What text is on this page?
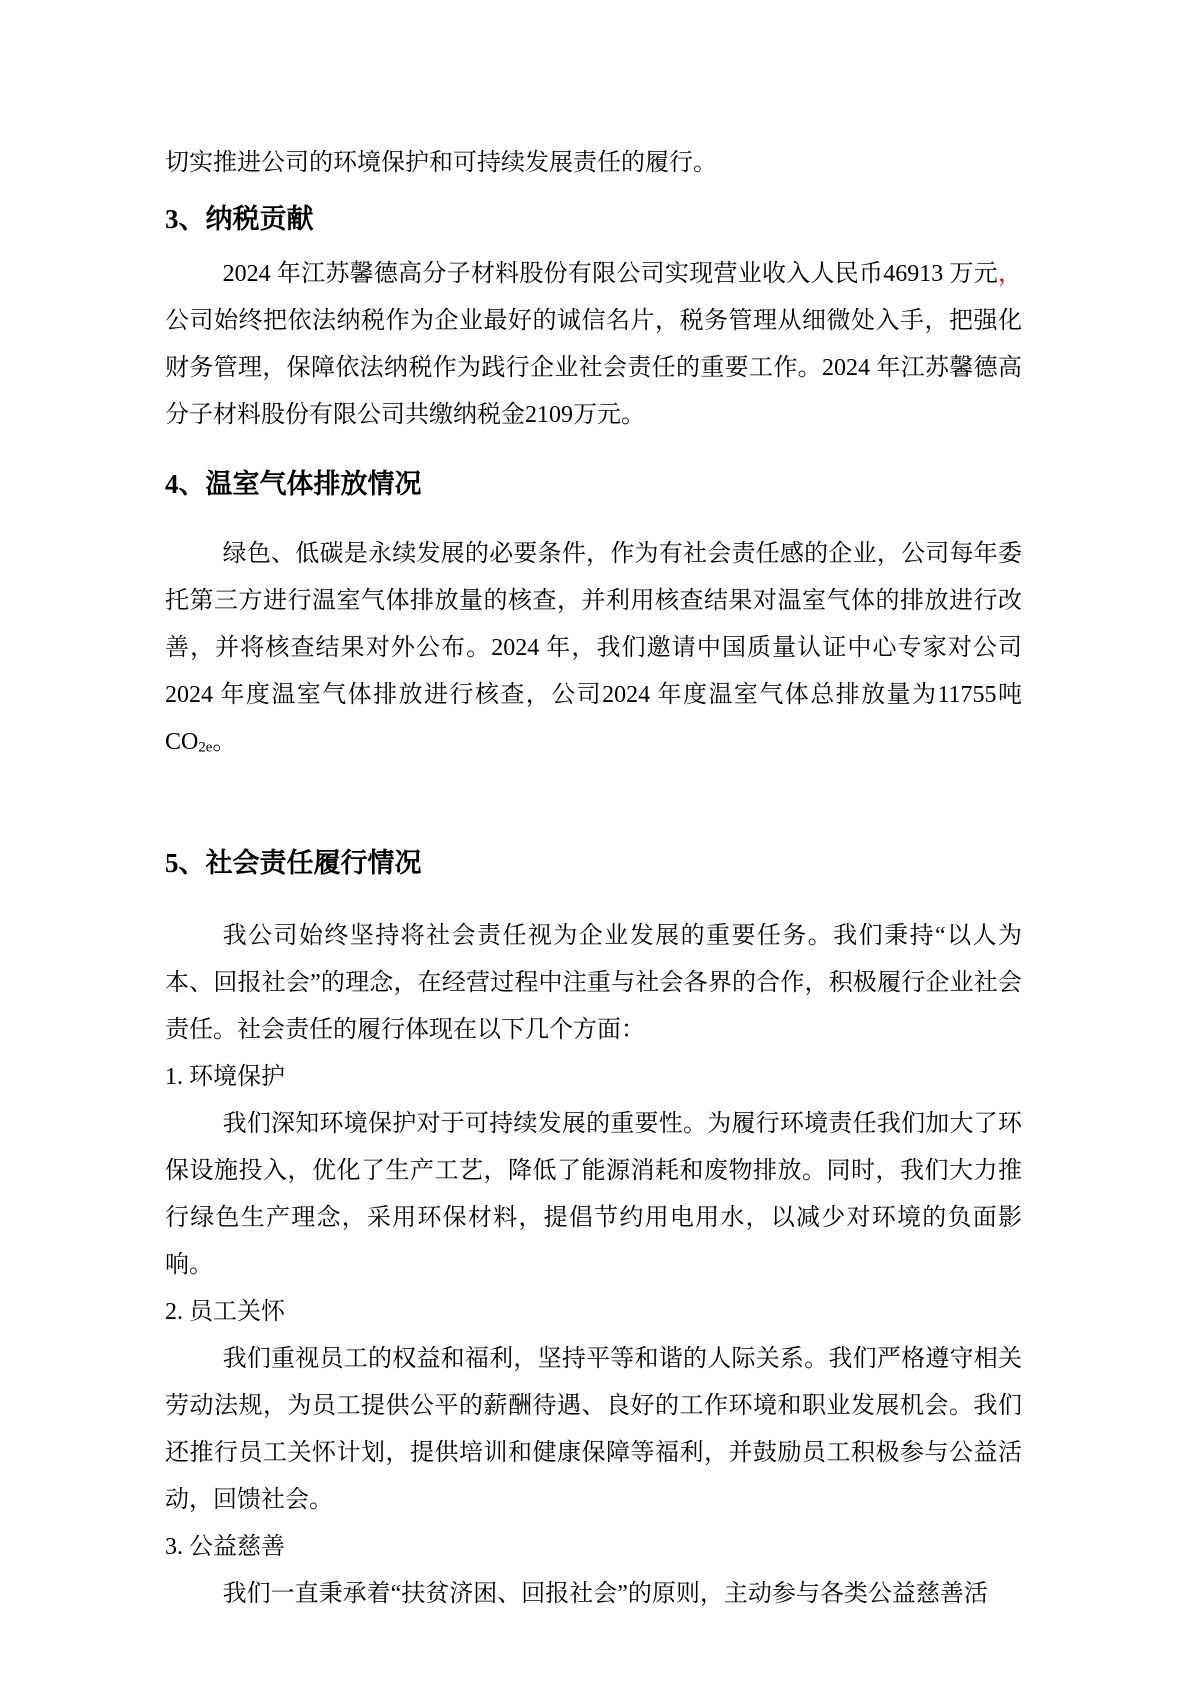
切实推进公司的环境保护和可持续发展责任的履行。

3、纳税贡献

2024 年江苏馨德高分子材料股份有限公司实现营业收入人民币46913 万元，公司始终把依法纳税作为企业最好的诚信名片，税务管理从细微处入手，把强化财务管理，保障依法纳税作为践行企业社会责任的重要工作。2024 年江苏馨德高分子材料股份有限公司共缴纳税金2109万元。

4、温室气体排放情况

绿色、低碳是永续发展的必要条件，作为有社会责任感的企业，公司每年委托第三方进行温室气体排放量的核查，并利用核查结果对温室气体的排放进行改善，并将核查结果对外公布。2024 年，我们邀请中国质量认证中心专家对公司2024 年度温室气体排放进行核查，公司2024 年度温室气体总排放量为11755吨$CO_{2e}$。

5、社会责任履行情况

我公司始终坚持将社会责任视为企业发展的重要任务。我们秉持“以人为本、回报社会”的理念，在经营过程中注重与社会各界的合作，积极履行企业社会责任。社会责任的履行体现在以下几个方面：

1. 环境保护

我们深知环境保护对于可持续发展的重要性。为履行环境责任我们加大了环保设施投入，优化了生产工艺，降低了能源消耗和废物排放。同时，我们大力推行绿色生产理念，采用环保材料，提倡节约用电用水，以减少对环境的负面影响。

2. 员工关怀

我们重视员工的权益和福利，坚持平等和谐的人际关系。我们严格遵守相关劳动法规，为员工提供公平的薪酬待遇、良好的工作环境和职业发展机会。我们还推行员工关怀计划，提供培训和健康保障等福利，并鼓励员工积极参与公益活动，回馈社会。

3. 公益慈善

我们一直秉承着“扶贫济困、回报社会”的原则，主动参与各类公益慈善活
